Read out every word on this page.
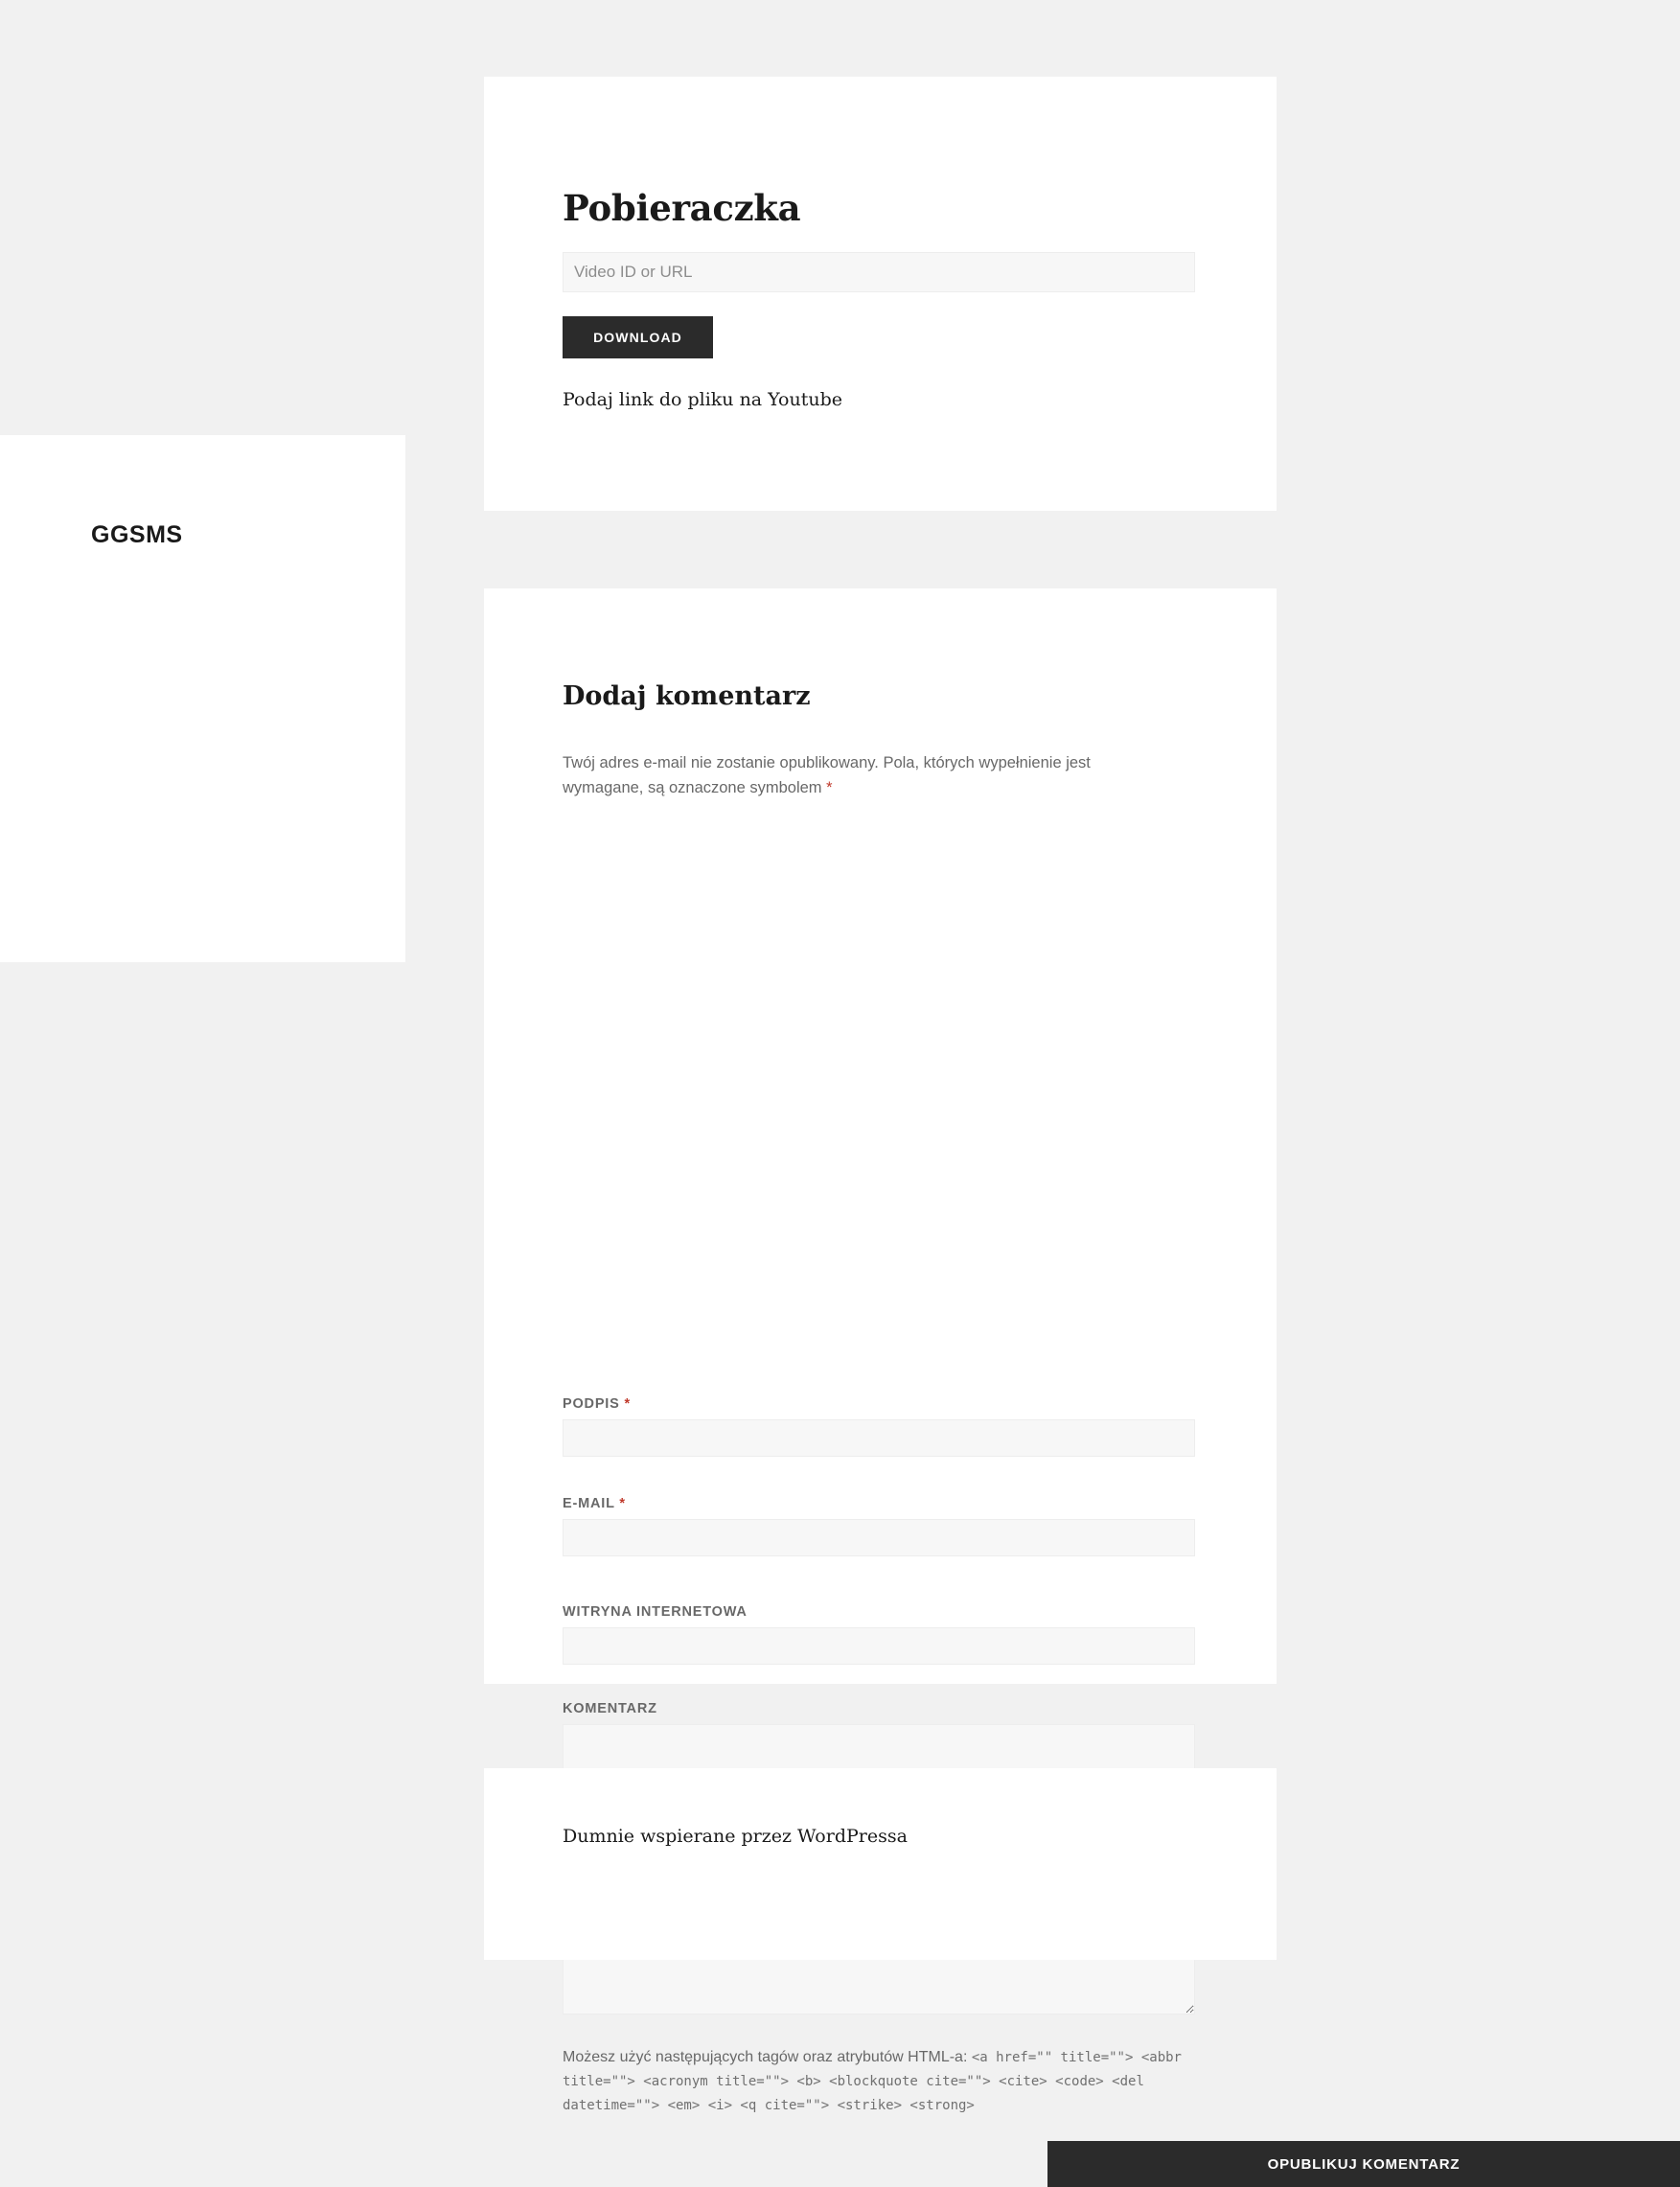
GGSMS
Pobieraczka
Video ID or URL
DOWNLOAD
Podaj link do pliku na Youtube
Dodaj komentarz

Twój adres e-mail nie zostanie opublikowany. Pola, których wypełnienie jest wymagane, są oznaczone symbolem *

PODPIS *
E-MAIL *
WITRYNA INTERNETOWA
KOMENTARZ

Możesz użyć następujących tagów oraz atrybutów HTML-a: <a href="" title=""> <abbr title=""> <acronym title=""> <b> <blockquote cite=""> <cite> <code> <del datetime=""> <em> <i> <q cite=""> <strike> <strong>

OPUBLIKUJ KOMENTARZ
Dumnie wspierane przez WordPressa
